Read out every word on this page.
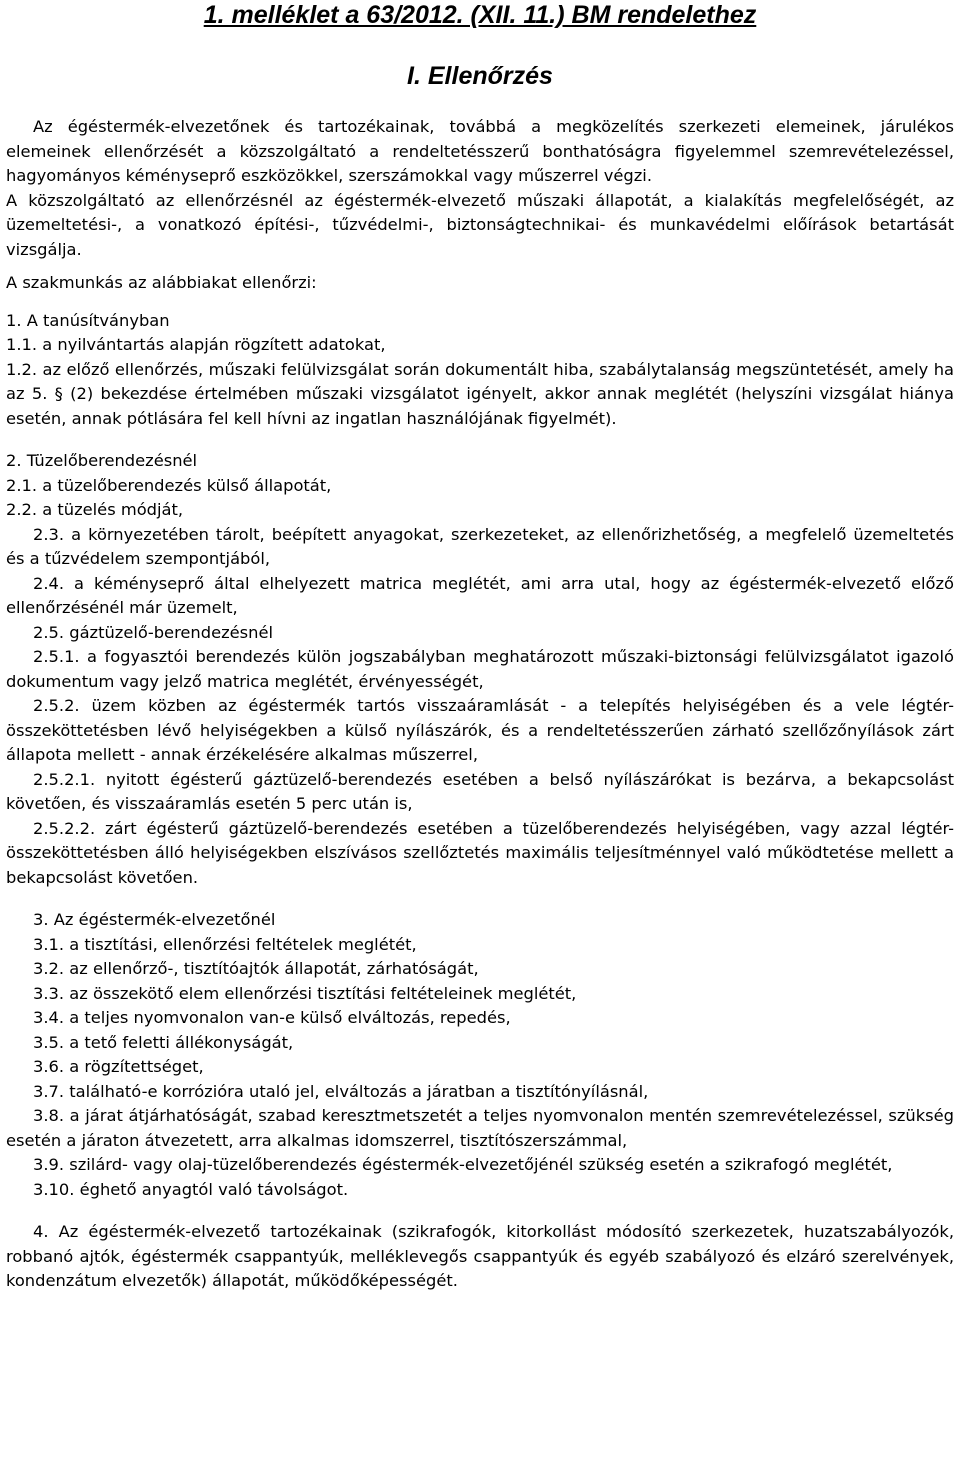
1. melléklet a 63/2012. (XII. 11.) BM rendelethez
I. Ellenőrzés

Az égéstermék-elvezetőnek és tartozékainak, továbbá a megközelítés szerkezeti elemeinek, járulékos elemeinek ellenőrzését a közszolgáltató a rendeltetésszerű bonthatóságra figyelemmel szemrevételezéssel, hagyományos kéményseprő eszközökkel, szerszámokkal vagy műszerrel végzi.

A közszolgáltató az ellenőrzésnél az égéstermék-elvezető műszaki állapotát, a kialakítás megfelelőségét, az üzemeltetési-, a vonatkozó építési-, tűzvédelmi-, biztonságtechnikai- és munkavédelmi előírások betartását vizsgálja.

A szakmunkás az alábbiakat ellenőrzi:

1. A tanúsítványban

1.1. a nyilvántartás alapján rögzített adatokat,

1.2. az előző ellenőrzés, műszaki felülvizsgálat során dokumentált hiba, szabálytalanság megszüntetését, amely ha az 5. § (2) bekezdése értelmében műszaki vizsgálatot igényelt, akkor annak meglétét (helyszíni vizsgálat hiánya esetén, annak pótlására fel kell hívni az ingatlan használójának figyelmét).

2. Tüzelőberendezésnél

2.1. a tüzelőberendezés külső állapotát,

2.2. a tüzelés módját,

2.3. a környezetében tárolt, beépített anyagokat, szerkezeteket, az ellenőrizhetőség, a megfelelő üzemeltetés és a tűzvédelem szempontjából,

2.4. a kéményseprő által elhelyezett matrica meglétét, ami arra utal, hogy az égéstermék-elvezető előző ellenőrzésénél már üzemelt,

2.5. gáztüzelő-berendezésnél

2.5.1. a fogyasztói berendezés külön jogszabályban meghatározott műszaki-biztonsági felülvizsgálatot igazoló dokumentum vagy jelző matrica meglétét, érvényességét,

2.5.2. üzem közben az égéstermék tartós visszaáramlását - a telepítés helyiségében és a vele légtér-összeköttetésben lévő helyiségekben a külső nyílászárók, és a rendeltetésszerűen zárható szellőzőnyílások zárt állapota mellett - annak érzékelésére alkalmas műszerrel,

2.5.2.1. nyitott égésterű gáztüzelő-berendezés esetében a belső nyílászárókat is bezárva, a bekapcsolást követően, és visszaáramlás esetén 5 perc után is,

2.5.2.2. zárt égésterű gáztüzelő-berendezés esetében a tüzelőberendezés helyiségében, vagy azzal légtér-összeköttetésben álló helyiségekben elszívásos szellőztetés maximális teljesítménnyel való működtetése mellett a bekapcsolást követően.

3. Az égéstermék-elvezetőnél

3.1. a tisztítási, ellenőrzési feltételek meglétét,

3.2. az ellenőrző-, tisztítóajtók állapotát, zárhatóságát,

3.3. az összekötő elem ellenőrzési tisztítási feltételeinek meglétét,

3.4. a teljes nyomvonalon van-e külső elváltozás, repedés,

3.5. a tető feletti állékonyságát,

3.6. a rögzítettséget,

3.7. található-e korrózióra utaló jel, elváltozás a járatban a tisztítónyílásnál,

3.8. a járat átjárhatóságát, szabad keresztmetszetét a teljes nyomvonalon mentén szemrevételezéssel, szükség esetén a járaton átvezetett, arra alkalmas idomszerrel, tisztítószerszámmal,

3.9. szilárd- vagy olaj-tüzelőberendezés égéstermék-elvezetőjénél szükség esetén a szikrafogó meglétét,

3.10. éghető anyagtól való távolságot.

4. Az égéstermék-elvezető tartozékainak (szikrafogók, kitorkollást módosító szerkezetek, huzatszabályozók, robbanó ajtók, égéstermék csappantyúk, melléklevegős csappantyúk és egyéb szabályozó és elzáró szerelvények, kondenzátum elvezetők) állapotát, működőképességét.
